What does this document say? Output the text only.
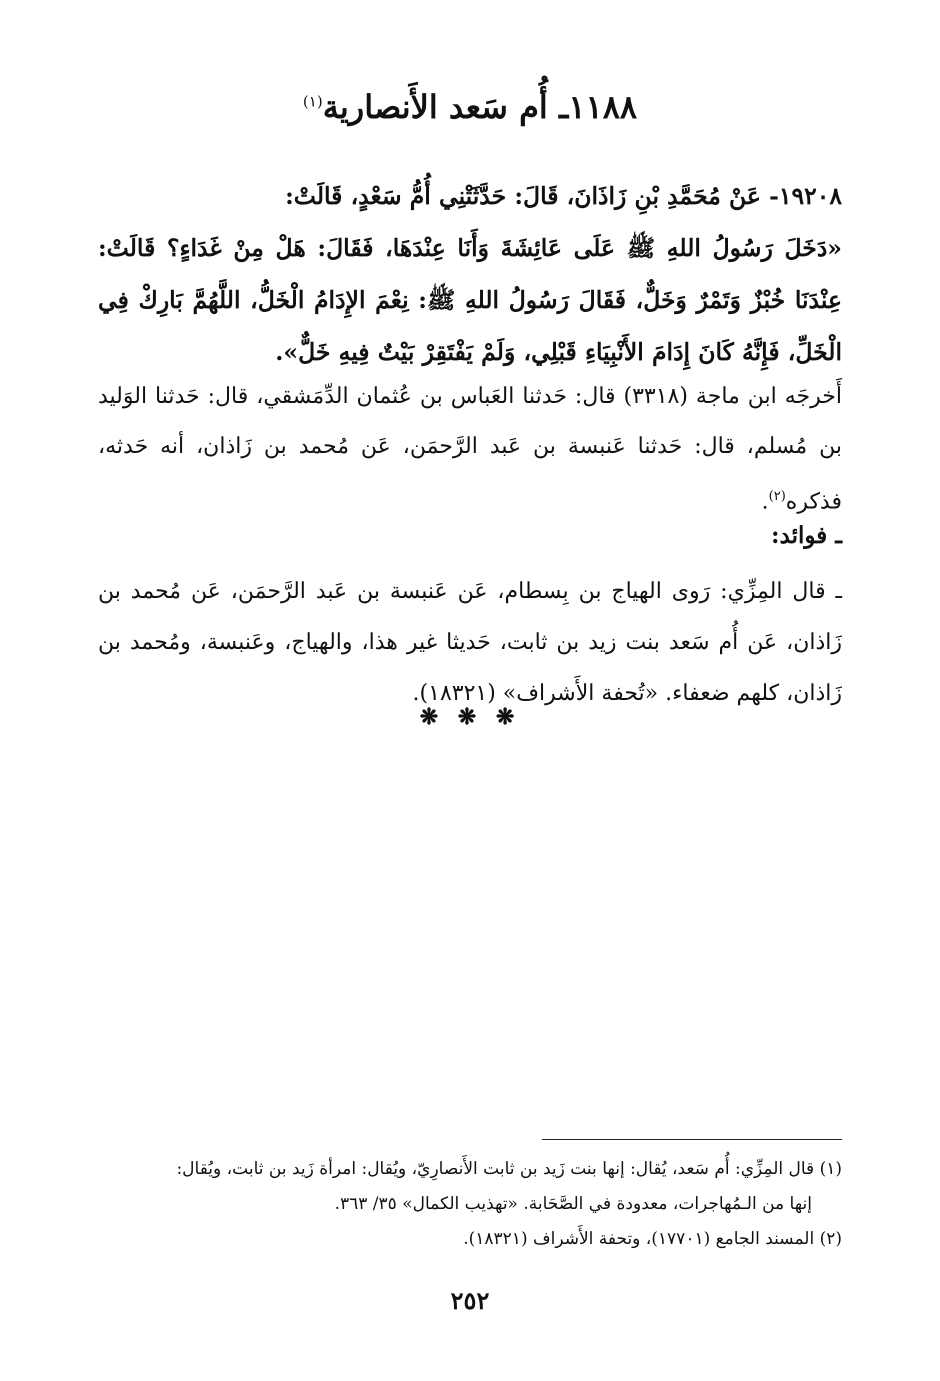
١١٨٨ـ أُم سَعد الأَنصارية$^{(١)}$

١٩٢٠٨- عَنْ مُحَمَّدِ بْنِ زَاذَانَ، قَالَ: حَدَّثَتْنِي أُمُّ سَعْدٍ، قَالَتْ:

«دَخَلَ رَسُولُ اللهِ ﷺ عَلَى عَائِشَةَ وَأَنَا عِنْدَهَا، فَقَالَ: هَلْ مِنْ غَدَاءٍ؟ قَالَتْ: عِنْدَنَا خُبْزٌ وَتَمْرٌ وَخَلٌّ، فَقَالَ رَسُولُ اللهِ ﷺ: نِعْمَ الإِدَامُ الْخَلُّ، اللَّهُمَّ بَارِكْ فِي الْخَلِّ، فَإِنَّهُ كَانَ إِدَامَ الأَنْبِيَاءِ قَبْلِي، وَلَمْ يَفْتَقِرْ بَيْتٌ فِيهِ خَلٌّ».

أَخرجَه ابن ماجة (٣٣١٨) قال: حَدثنا العَباس بن عُثمان الدِّمَشقي، قال: حَدثنا الوَليد بن مُسلم، قال: حَدثنا عَنبسة بن عَبد الرَّحمَن، عَن مُحمد بن زَاذان، أنه حَدثه، فذكره$^{(٢)}$.

ـ فوائد:

ـ قال المِزِّي: رَوى الهياج بن بِسطام، عَن عَنبسة بن عَبد الرَّحمَن، عَن مُحمد بن زَاذان، عَن أُم سَعد بنت زيد بن ثابت، حَديثا غير هذا، والهياج، وعَنبسة، ومُحمد بن زَاذان، كلهم ضعفاء. «تُحفة الأَشراف» (١٨٣٢١).

❋ ❋ ❋

(١) قال المِزِّي: أُم سَعد، يُقال: إنها بنت زَيد بن ثابت الأَنصارِيّ، ويُقال: امرأة زَيد بن ثابت، ويُقال:

إنها من الـمُهاجرات، معدودة في الصَّحَابة. «تهذيب الكمال» ٣٥/ ٣٦٣.

(٢) المسند الجامع (١٧٧٠١)، وتحفة الأَشراف (١٨٣٢١).

٢٥٢
